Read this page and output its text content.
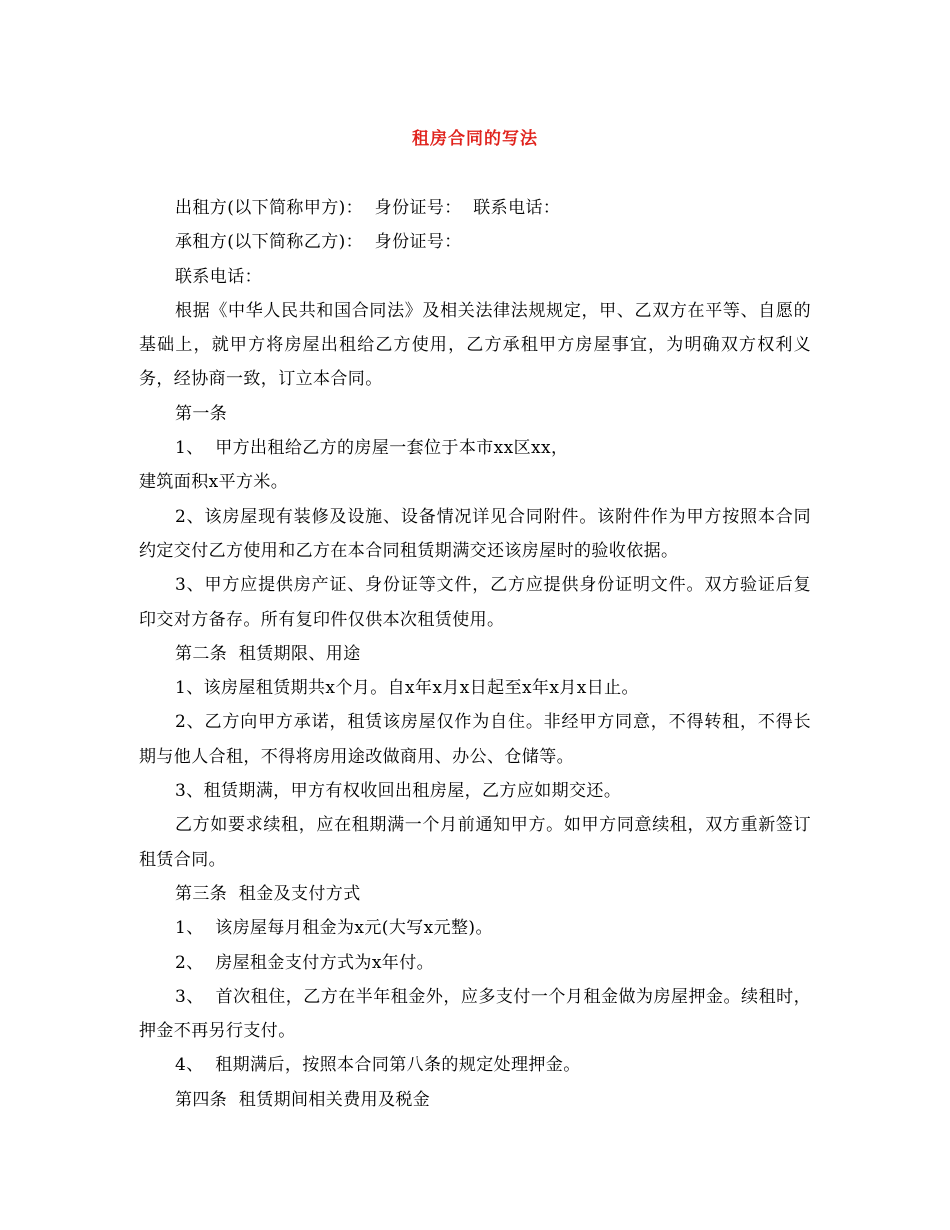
租房合同的写法

出租方(以下简称甲方)：  身份证号：  联系电话：

承租方(以下简称乙方)：  身份证号：

联系电话：

根据《中华人民共和国合同法》及相关法律法规规定，甲、乙双方在平等、自愿的基础上，就甲方将房屋出租给乙方使用，乙方承租甲方房屋事宜，为明确双方权利义务，经协商一致，订立本合同。

第一条

1、  甲方出租给乙方的房屋一套位于本市xx区xx，

建筑面积x平方米。

2、该房屋现有装修及设施、设备情况详见合同附件。该附件作为甲方按照本合同约定交付乙方使用和乙方在本合同租赁期满交还该房屋时的验收依据。

3、甲方应提供房产证、身份证等文件，乙方应提供身份证明文件。双方验证后复印交对方备存。所有复印件仅供本次租赁使用。

第二条  租赁期限、用途

1、该房屋租赁期共x个月。自x年x月x日起至x年x月x日止。

2、乙方向甲方承诺，租赁该房屋仅作为自住。非经甲方同意，不得转租，不得长期与他人合租，不得将房用途改做商用、办公、仓储等。

3、租赁期满，甲方有权收回出租房屋，乙方应如期交还。

乙方如要求续租，应在租期满一个月前通知甲方。如甲方同意续租，双方重新签订租赁合同。

第三条  租金及支付方式

1、  该房屋每月租金为x元(大写x元整)。

2、  房屋租金支付方式为x年付。

3、  首次租住，乙方在半年租金外，应多支付一个月租金做为房屋押金。续租时，押金不再另行支付。

4、  租期满后，按照本合同第八条的规定处理押金。

第四条  租赁期间相关费用及税金
